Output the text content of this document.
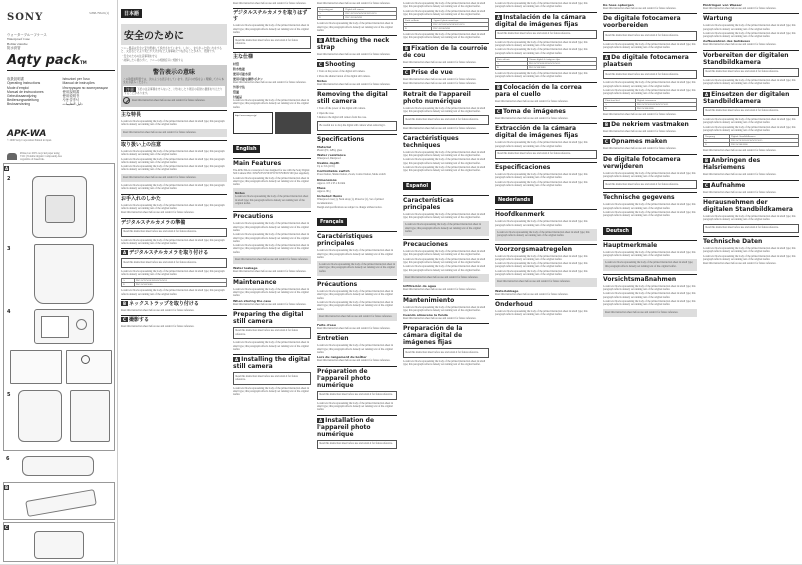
SONY	3-868-796-01(1)
ウォータープルーフケース
Waterproof Case
Boîtier étanche
防水套管
Aqty packTM
取扱説明書
Operating Instructions
Mode d'emploi
Manual de instrucciones
Gebruiksaanwijzing
Bedienungsanleitung
Bruksanvisning
Istruzioni per l'uso
Manual de instruções
Инструкция по эксплуатации
使用說明書
使用说明书
사용설명서
دليل التعليمات
APK-WA
© 2006 Sony Corporation Printed in Japan
Printed on 100% recycled paper using
VOC (Volatile Organic Compound)-free
vegetable oil based ink.
A
2
3
4
5
6
B
C
日本語
安全のために
ソニー製品は安全に充分配慮して設計されています。しかし、まちがった使い方をすると、火災などにより死亡や大けがなど人身事故につながることがあり、危険です。
・安全のための注意事項を守る
・故障したら使わずに、ソニーの相談窓口に相談する
警告表示の意味
この取扱説明書では、次のような表示をしています。表示の内容をよく理解してから本文をお読みください。
注意 下記の注意事項を守らないと、けがをしたり周辺の家財に損害を与えたりすることがあります。
Read this instruction sheet before use and retain it for future reference.
主な特長
Lorem text block representing the body of the printed instruction sheet in small type; this paragraph reflects densely set running text of the original leaflet.
Read this instruction sheet before use and retain it for future reference.
取り扱い上の注意
Lorem text block representing the body of the printed instruction sheet in small type; this paragraph reflects densely set running text of the original leaflet.
Lorem text block representing the body of the printed instruction sheet in small type; this paragraph reflects densely set running text of the original leaflet.
Lorem text block representing the body of the printed instruction sheet in small type; this paragraph reflects densely set running text of the original leaflet.
Read this instruction sheet before use and retain it for future reference.
Lorem text block representing the body of the printed instruction sheet in small type; this paragraph reflects densely set running text of the original leaflet.
お手入れのしかた
Lorem text block representing the body of the printed instruction sheet in small type; this paragraph reflects densely set running text of the original leaflet.
Read this instruction sheet before use and retain it for future reference.
デジタルスチルカメラの準備
Read this instruction sheet before use and retain it for future reference.
Lorem text block representing the body of the printed instruction sheet in small type; this paragraph reflects densely set running text of the original leaflet.
A デジタルスチルカメラを取り付ける
Read this instruction sheet before use and retain it for future reference.
Lorem text block representing the body of the printed instruction sheet in small type; this paragraph reflects densely set running text of the original leaflet.
A	DSC-W70/W50/W30/W35/W55
B	DSC-W100/W80
Lorem text block representing the body of the printed instruction sheet in small type; this paragraph reflects densely set running text of the original leaflet.
B ネックストラップを取り付ける
Read this instruction sheet before use and retain it for future reference.
C 撮影する
Read this instruction sheet before use and retain it for future reference.
Read this instruction sheet before use and retain it for future reference.
デジタルスチルカメラを取りはずす
Lorem text block representing the body of the printed instruction sheet in small type; this paragraph reflects densely set running text of the original leaflet.
Read this instruction sheet before use and retain it for future reference.
主な仕様
材質
防水性能
使用可能水深
使用可能な操作ボタン
Read this instruction sheet before use and retain it for future reference.
外形寸法
質量
付属品
Lorem text block representing the body of the printed instruction sheet in small type; this paragraph reflects densely set running text of the original leaflet.
http://www.sony.co.jp/
English
Main Features
The APK-WA is a waterproof case designed for use with the Sony Digital Still Camera DSC-W30/W35/W50/W55/W70/W80/W100 (not supplied).
Lorem text block representing the body of the printed instruction sheet in small type; this paragraph reflects densely set running text of the original leaflet.
Notes
Lorem text block representing the body of the printed instruction sheet in small type; this paragraph reflects densely set running text of the original leaflet.
Precautions
Lorem text block representing the body of the printed instruction sheet in small type; this paragraph reflects densely set running text of the original leaflet.
Lorem text block representing the body of the printed instruction sheet in small type; this paragraph reflects densely set running text of the original leaflet.
Lorem text block representing the body of the printed instruction sheet in small type; this paragraph reflects densely set running text of the original leaflet.
Read this instruction sheet before use and retain it for future reference.
Water leakage
Read this instruction sheet before use and retain it for future reference.
Maintenance
Lorem text block representing the body of the printed instruction sheet in small type; this paragraph reflects densely set running text of the original leaflet.
When storing the case
Read this instruction sheet before use and retain it for future reference.
Preparing the digital still camera
Read this instruction sheet before use and retain it for future reference.
Lorem text block representing the body of the printed instruction sheet in small type; this paragraph reflects densely set running text of the original leaflet.
A Installing the digital still camera
Read this instruction sheet before use and retain it for future reference.
Lorem text block representing the body of the printed instruction sheet in small type; this paragraph reflects densely set running text of the original leaflet.
Read this instruction sheet before use and retain it for future reference.
Projecting part	Digital still camera
A	DSC-W70/W50/W30/W35/W55
B	DSC-W100/W80
Lorem text block representing the body of the printed instruction sheet in small type; this paragraph reflects densely set running text of the original leaflet.
B Attaching the neck strap
Read this instruction sheet before use and retain it for future reference.
C Shooting
1 Turn on the power of the digital still camera.
2 Press the shutter button of the digital still camera.
Notes
Read this instruction sheet before use and retain it for future reference.
Removing the digital still camera
1 Turn off the power of the digital still camera.
2 Open the case.
3 Remove the digital still camera from the case.
Be careful not to drop the digital still camera when removing it.
Specifications
Material
Plastic (PC, ABS), glass
Water resistance
Waterproof, Dustproof
Usable depth
Up to 3 m (10 ft)
Controllable switch
Power button, Shutter button, Zoom, Control button, Mode switch
Dimensions
Approx. 105 x 95 x 64 mm
Mass
Approx. 80 g
Included items
Waterproof case (1), Neck strap (1), Protector (1), Set of printed documentation
Design and specifications are subject to change without notice.
Français
Caractéristiques principales
Lorem text block representing the body of the printed instruction sheet in small type; this paragraph reflects densely set running text of the original leaflet.
Lorem text block representing the body of the printed instruction sheet in small type; this paragraph reflects densely set running text of the original leaflet.
Précautions
Lorem text block representing the body of the printed instruction sheet in small type; this paragraph reflects densely set running text of the original leaflet.
Lorem text block representing the body of the printed instruction sheet in small type; this paragraph reflects densely set running text of the original leaflet.
Read this instruction sheet before use and retain it for future reference.
Fuite d'eau
Read this instruction sheet before use and retain it for future reference.
Entretien
Lorem text block representing the body of the printed instruction sheet in small type; this paragraph reflects densely set running text of the original leaflet.
Lors du rangement du boîtier
Read this instruction sheet before use and retain it for future reference.
Préparation de l'appareil photo numérique
Read this instruction sheet before use and retain it for future reference.
Lorem text block representing the body of the printed instruction sheet in small type; this paragraph reflects densely set running text of the original leaflet.
A Installation de l'appareil photo numérique
Read this instruction sheet before use and retain it for future reference.
Lorem text block representing the body of the printed instruction sheet in small type; this paragraph reflects densely set running text of the original leaflet.
Lorem text block representing the body of the printed instruction sheet in small type; this paragraph reflects densely set running text of the original leaflet.
Partie saillante	Appareil photo numérique
A	DSC-W70/W50/W30/W35/W55
B	DSC-W100/W80
Lorem text block representing the body of the printed instruction sheet in small type; this paragraph reflects densely set running text of the original leaflet.
B Fixation de la courroie de cou
Read this instruction sheet before use and retain it for future reference.
C Prise de vue
Read this instruction sheet before use and retain it for future reference.
Read this instruction sheet before use and retain it for future reference.
Retrait de l'appareil photo numérique
Lorem text block representing the body of the printed instruction sheet in small type; this paragraph reflects densely set running text of the original leaflet.
Read this instruction sheet before use and retain it for future reference.
Read this instruction sheet before use and retain it for future reference.
Caractéristiques techniques
Lorem text block representing the body of the printed instruction sheet in small type; this paragraph reflects densely set running text of the original leaflet.
Lorem text block representing the body of the printed instruction sheet in small type; this paragraph reflects densely set running text of the original leaflet.
Lorem text block representing the body of the printed instruction sheet in small type; this paragraph reflects densely set running text of the original leaflet.
Español
Características principales
Lorem text block representing the body of the printed instruction sheet in small type; this paragraph reflects densely set running text of the original leaflet.
Lorem text block representing the body of the printed instruction sheet in small type; this paragraph reflects densely set running text of the original leaflet.
Precauciones
Lorem text block representing the body of the printed instruction sheet in small type; this paragraph reflects densely set running text of the original leaflet.
Lorem text block representing the body of the printed instruction sheet in small type; this paragraph reflects densely set running text of the original leaflet.
Lorem text block representing the body of the printed instruction sheet in small type; this paragraph reflects densely set running text of the original leaflet.
Read this instruction sheet before use and retain it for future reference.
Infiltración de agua
Read this instruction sheet before use and retain it for future reference.
Mantenimiento
Lorem text block representing the body of the printed instruction sheet in small type; this paragraph reflects densely set running text of the original leaflet.
Cuando almacene la funda
Read this instruction sheet before use and retain it for future reference.
Preparación de la cámara digital de imágenes fijas
Read this instruction sheet before use and retain it for future reference.
Lorem text block representing the body of the printed instruction sheet in small type; this paragraph reflects densely set running text of the original leaflet.
Lorem text block representing the body of the printed instruction sheet in small type; this paragraph reflects densely set running text of the original leaflet.
A Instalación de la cámara digital de imágenes fijas
Read this instruction sheet before use and retain it for future reference.
Lorem text block representing the body of the printed instruction sheet in small type; this paragraph reflects densely set running text of the original leaflet.
Lorem text block representing the body of the printed instruction sheet in small type; this paragraph reflects densely set running text of the original leaflet.
Parte saliente	Cámara digital de imágenes fijas
A	DSC-W70/W50/W30/W35/W55
B	DSC-W100/W80
Lorem text block representing the body of the printed instruction sheet in small type; this paragraph reflects densely set running text of the original leaflet.
B Colocación de la correa para el cuello
Read this instruction sheet before use and retain it for future reference.
C Toma de imágenes
Read this instruction sheet before use and retain it for future reference.
Extracción de la cámara digital de imágenes fijas
Lorem text block representing the body of the printed instruction sheet in small type; this paragraph reflects densely set running text of the original leaflet.
Read this instruction sheet before use and retain it for future reference.
Especificaciones
Lorem text block representing the body of the printed instruction sheet in small type; this paragraph reflects densely set running text of the original leaflet.
Lorem text block representing the body of the printed instruction sheet in small type; this paragraph reflects densely set running text of the original leaflet.
Nederlands
Hoofdkenmerk
Lorem text block representing the body of the printed instruction sheet in small type; this paragraph reflects densely set running text of the original leaflet.
Lorem text block representing the body of the printed instruction sheet in small type; this paragraph reflects densely set running text of the original leaflet.
Voorzorgsmaatregelen
Lorem text block representing the body of the printed instruction sheet in small type; this paragraph reflects densely set running text of the original leaflet.
Lorem text block representing the body of the printed instruction sheet in small type; this paragraph reflects densely set running text of the original leaflet.
Lorem text block representing the body of the printed instruction sheet in small type; this paragraph reflects densely set running text of the original leaflet.
Read this instruction sheet before use and retain it for future reference.
Waterlekkage
Read this instruction sheet before use and retain it for future reference.
Onderhoud
Lorem text block representing the body of the printed instruction sheet in small type; this paragraph reflects densely set running text of the original leaflet.
De hoes opbergen
Read this instruction sheet before use and retain it for future reference.
De digitale fotocamera voorbereiden
Read this instruction sheet before use and retain it for future reference.
Lorem text block representing the body of the printed instruction sheet in small type; this paragraph reflects densely set running text of the original leaflet.
A De digitale fotocamera plaatsen
Read this instruction sheet before use and retain it for future reference.
Lorem text block representing the body of the printed instruction sheet in small type; this paragraph reflects densely set running text of the original leaflet.
Lorem text block representing the body of the printed instruction sheet in small type; this paragraph reflects densely set running text of the original leaflet.
Uitstekend deel	Digitale fotocamera
A	DSC-W70/W50/W30/W35/W55
B	DSC-W100/W80
Read this instruction sheet before use and retain it for future reference.
B De nekriem vastmaken
Read this instruction sheet before use and retain it for future reference.
C Opnames maken
Read this instruction sheet before use and retain it for future reference.
De digitale fotocamera verwijderen
Lorem text block representing the body of the printed instruction sheet in small type; this paragraph reflects densely set running text of the original leaflet.
Read this instruction sheet before use and retain it for future reference.
Technische gegevens
Lorem text block representing the body of the printed instruction sheet in small type; this paragraph reflects densely set running text of the original leaflet.
Lorem text block representing the body of the printed instruction sheet in small type; this paragraph reflects densely set running text of the original leaflet.
Deutsch
Hauptmerkmale
Lorem text block representing the body of the printed instruction sheet in small type; this paragraph reflects densely set running text of the original leaflet.
Lorem text block representing the body of the printed instruction sheet in small type; this paragraph reflects densely set running text of the original leaflet.
Vorsichtsmaßnahmen
Lorem text block representing the body of the printed instruction sheet in small type; this paragraph reflects densely set running text of the original leaflet.
Lorem text block representing the body of the printed instruction sheet in small type; this paragraph reflects densely set running text of the original leaflet.
Lorem text block representing the body of the printed instruction sheet in small type; this paragraph reflects densely set running text of the original leaflet.
Read this instruction sheet before use and retain it for future reference.
Eindringen von Wasser
Read this instruction sheet before use and retain it for future reference.
Wartung
Lorem text block representing the body of the printed instruction sheet in small type; this paragraph reflects densely set running text of the original leaflet.
Lorem text block representing the body of the printed instruction sheet in small type; this paragraph reflects densely set running text of the original leaflet.
Aufbewahren des Gehäuses
Read this instruction sheet before use and retain it for future reference.
Vorbereiten der digitalen Standbildkamera
Read this instruction sheet before use and retain it for future reference.
Lorem text block representing the body of the printed instruction sheet in small type; this paragraph reflects densely set running text of the original leaflet.
A Einsetzen der digitalen Standbildkamera
Read this instruction sheet before use and retain it for future reference.
Lorem text block representing the body of the printed instruction sheet in small type; this paragraph reflects densely set running text of the original leaflet.
Lorem text block representing the body of the printed instruction sheet in small type; this paragraph reflects densely set running text of the original leaflet.
Vorsprung	Digitale Standbildkamera
A	DSC-W70/W50/W30/W35/W55
B	DSC-W100/W80
Read this instruction sheet before use and retain it for future reference.
B Anbringen des Halsriemens
Read this instruction sheet before use and retain it for future reference.
C Aufnahme
Read this instruction sheet before use and retain it for future reference.
Herausnehmen der digitalen Standbildkamera
Lorem text block representing the body of the printed instruction sheet in small type; this paragraph reflects densely set running text of the original leaflet.
Read this instruction sheet before use and retain it for future reference.
Technische Daten
Lorem text block representing the body of the printed instruction sheet in small type; this paragraph reflects densely set running text of the original leaflet.
Lorem text block representing the body of the printed instruction sheet in small type; this paragraph reflects densely set running text of the original leaflet.
Read this instruction sheet before use and retain it for future reference.
